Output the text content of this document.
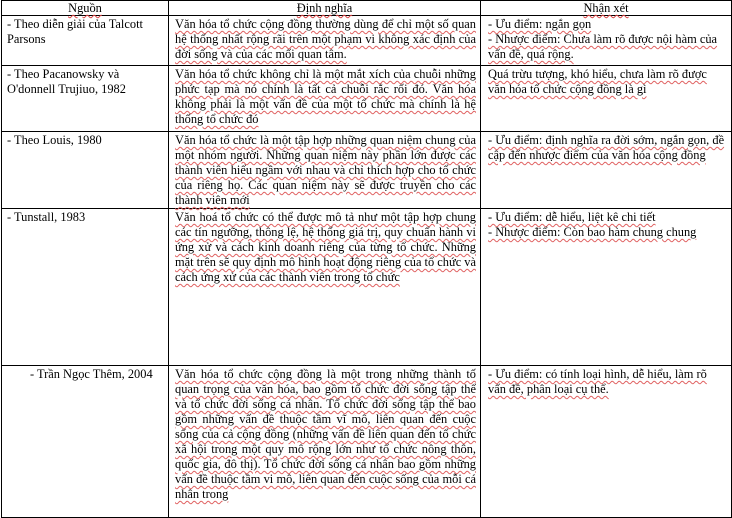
Nguồn	Định nghĩa	Nhận xét
- Theo diễn giải của Talcott Parsons	Văn hóa tổ chức cộng đồng thường dùng để chỉ một số quan hệ thống nhất rộng rãi trên một phạm vi không xác định của đời sống và của các mối quan tâm.	- Ưu điểm: ngắn gọn
- Nhược điểm: Chưa làm rõ được nội hàm của vấn đề, quá rộng.

- Theo Pacanowsky và O'donnell Trujiuo, 1982	Văn hóa tổ chức không chỉ là một mắt xích của chuỗi những phức tạp mà nó chính là tất cả chuỗi rắc rối đó. Văn hóa không phải là một vấn đề của một tổ chức mà chính là hệ thống tổ chức đó	Quá trừu tượng, khó hiểu, chưa làm rõ được văn hóa tổ chức cộng đồng là gì

- Theo Louis, 1980	Văn hóa tổ chức là một tập hợp những quan niệm chung của một nhóm người. Những quan niệm này phần lớn được các thành viên hiểu ngầm với nhau và chỉ thích hợp cho tổ chức của riêng họ. Các quan niệm này sẽ được truyền cho các thành viên mới	- Ưu điểm: định nghĩa ra đời sớm, ngắn gọn, đề cập đến nhược điểm của văn hóa cộng đồng

- Tunstall, 1983	Văn hoá tổ chức có thể được mô tả như một tập hợp chung các tín ngưỡng, thông lệ, hệ thống giá trị, quy chuẩn hành vi ứng xử và cách kinh doanh riêng của từng tổ chức. Những mặt trên sẽ quy định mô hình hoạt động riêng của tổ chức và cách ứng xử của các thành viên trong tổ chức	- Ưu điểm: dễ hiểu, liệt kê chi tiết
- Nhược điểm: Còn bao hàm chung chung

- Trần Ngọc Thêm, 2004	Văn hóa tổ chức cộng đồng là một trong những thành tố quan trọng của văn hóa, bao gồm tổ chức đời sống tập thể và tổ chức đời sống cá nhân. Tổ chức đời sống tập thể bao gồm những vấn đề thuộc tầm vĩ mô, liên quan đến cuộc sống của cả cộng đồng (những vấn đề liên quan đến tổ chức xã hội trong một quy mô rộng lớn như tổ chức nông thôn, quốc gia, đô thị). Tổ chức đời sống cá nhân bao gồm những vấn đề thuộc tầm vi mô, liên quan đến cuộc sống của mỗi cá nhân trong	- Ưu điểm: có tính loại hình, dễ hiểu, làm rõ vấn đề, phân loại cụ thể.
